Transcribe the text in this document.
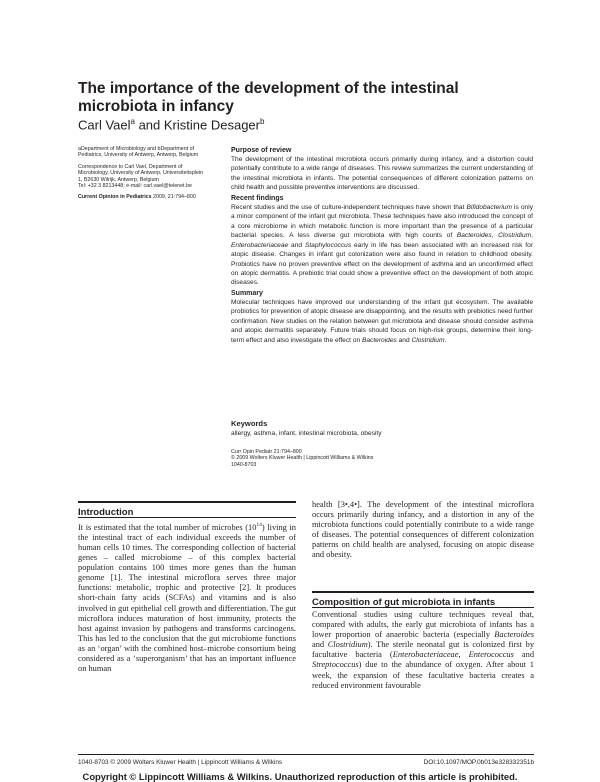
The importance of the development of the intestinal microbiota in infancy
Carl Vael$^a$ and Kristine Desager$^b$

aDepartment of Microbiology and bDepartment of
Pediatrics, University of Antwerp, Antwerp, Belgium

Correspondence to Carl Vael, Department of
Microbiology, University of Antwerp, Universiteitsplein
1, B2630 Wilrijk, Antwerp, Belgium
Tel: +32 3 8213448; e-mail: carl.vael@telenet.be

Current Opinion in Pediatrics 2009, 21:794–800

Purpose of review

The development of the intestinal microbiota occurs primarily during infancy, and a distortion could potentially contribute to a wide range of diseases. This review summarizes the current understanding of the intestinal microbiota in infants. The potential consequences of different colonization patterns on child health and possible preventive interventions are discussed.

Recent findings

Recent studies and the use of culture-independent techniques have shown that Bifidobacterium is only a minor component of the infant gut microbiota. These techniques have also introduced the concept of a core microbiome in which metabolic function is more important than the presence of a particular bacterial species. A less diverse gut microbiota with high counts of Bacteroides, Clostridium, Enterobacteriaceae and Staphylococcus early in life has been associated with an increased risk for atopic disease. Changes in infant gut colonization were also found in relation to childhood obesity. Probiotics have no proven preventive effect on the development of asthma and an unconfirmed effect on atopic dermatitis. A prebiotic trial could show a preventive effect on the development of both atopic diseases.

Summary

Molecular techniques have improved our understanding of the infant gut ecosystem. The available probiotics for prevention of atopic disease are disappointing, and the results with prebiotics need further confirmation. New studies on the relation between gut microbiota and disease should consider asthma and atopic dermatitis separately. Future trials should focus on high-risk groups, determine their long-term effect and also investigate the effect on Bacteroides and Clostridium.

Keywords

allergy, asthma, infant, intestinal microbiota, obesity

Curr Opin Pediatr 21:794–800
© 2009 Wolters Kluwer Health | Lippincott Williams & Wilkins
1040-8703
Introduction
It is estimated that the total number of microbes $(10^{14})$ living in the intestinal tract of each individual exceeds the number of human cells 10 times. The corresponding collection of bacterial genes – called microbiome – of this complex bacterial population contains 100 times more genes than the human genome [1]. The intestinal microflora serves three major functions: metabolic, trophic and protective [2]. It produces short-chain fatty acids (SCFAs) and vitamins and is also involved in gut epithelial cell growth and differentiation. The gut microflora induces maturation of host immunity, protects the host against invasion by pathogens and transforms carcinogens. This has led to the conclusion that the gut microbiome functions as an ‘organ’ with the combined host–microbe consortium being considered as a ‘superorganism’ that has an important influence on human
health [3•,4•]. The development of the intestinal microflora occurs primarily during infancy, and a distortion in any of the microbiota functions could potentially contribute to a wide range of diseases. The potential consequences of different colonization patterns on child health are analysed, focusing on atopic disease and obesity.
Composition of gut microbiota in infants
Conventional studies using culture techniques reveal that, compared with adults, the early gut microbiota of infants has a lower proportion of anaerobic bacteria (especially Bacteroides and Clostridium). The sterile neonatal gut is colonized first by facultative bacteria (Enterobacteriaceae, Enterococcus and Streptococcus) due to the abundance of oxygen. After about 1 week, the expansion of these facultative bacteria creates a reduced environment favourable
1040-8703 © 2009 Wolters Kluwer Health | Lippincott Williams & Wilkins	DOI:10.1097/MOP.0b013e328332351b
Copyright © Lippincott Williams & Wilkins. Unauthorized reproduction of this article is prohibited.
